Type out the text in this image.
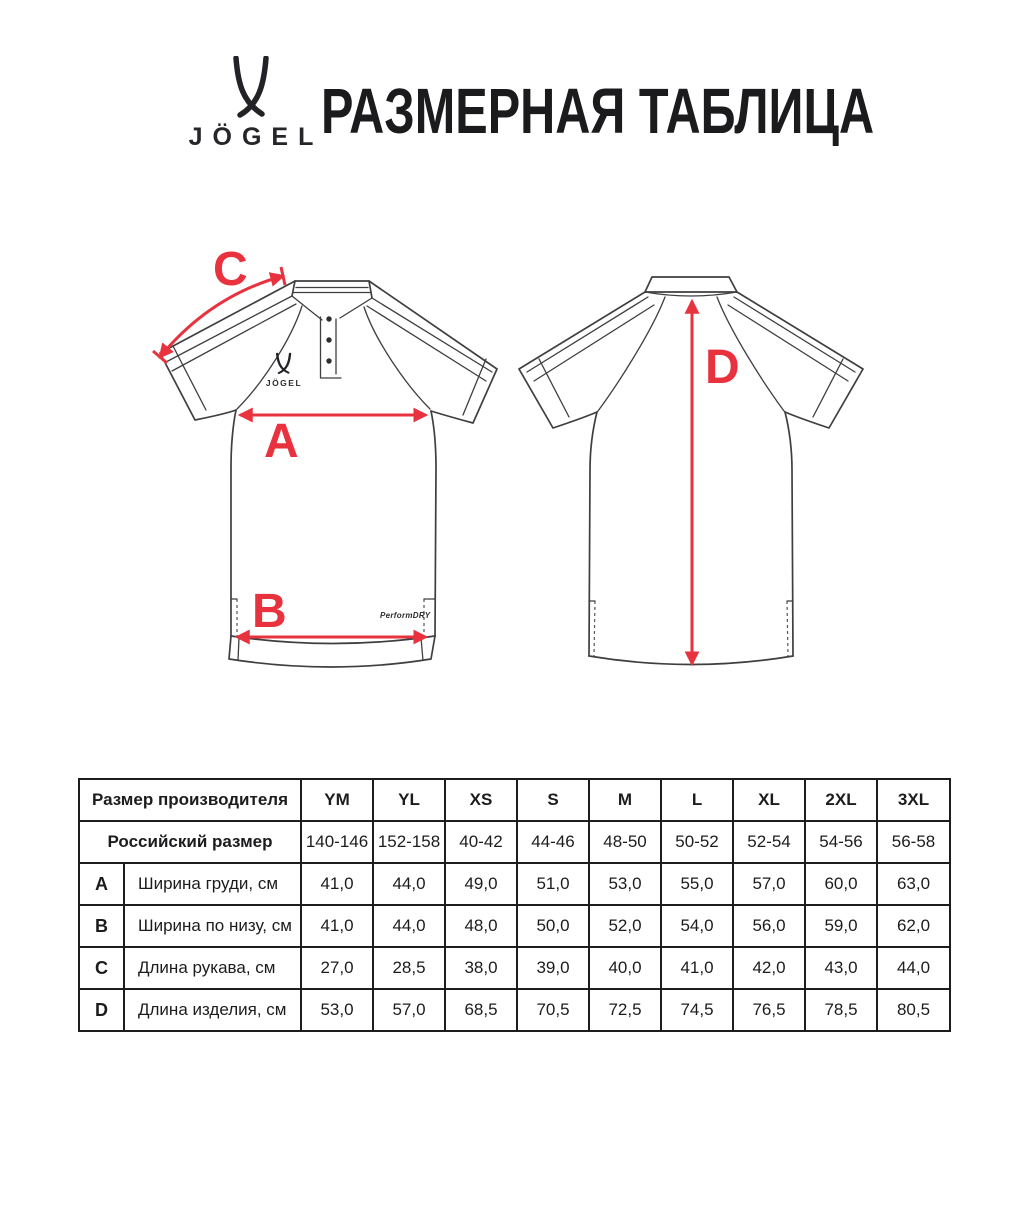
JÖGEL
РАЗМЕРНАЯ ТАБЛИЦА
JÖGEL
PerformDRY
C
A
B
D
Размер производителя		YM	YL	XS	S	M	L	XL	2XL	3XL
Российский размер		140-146	152-158	40-42	44-46	48-50	50-52	52-54	54-56	56-58
A	Ширина груди, см	41,0	44,0	49,0	51,0	53,0	55,0	57,0	60,0	63,0
B	Ширина по низу, см	41,0	44,0	48,0	50,0	52,0	54,0	56,0	59,0	62,0
C	Длина рукава, см	27,0	28,5	38,0	39,0	40,0	41,0	42,0	43,0	44,0
D	Длина изделия, см	53,0	57,0	68,5	70,5	72,5	74,5	76,5	78,5	80,5
